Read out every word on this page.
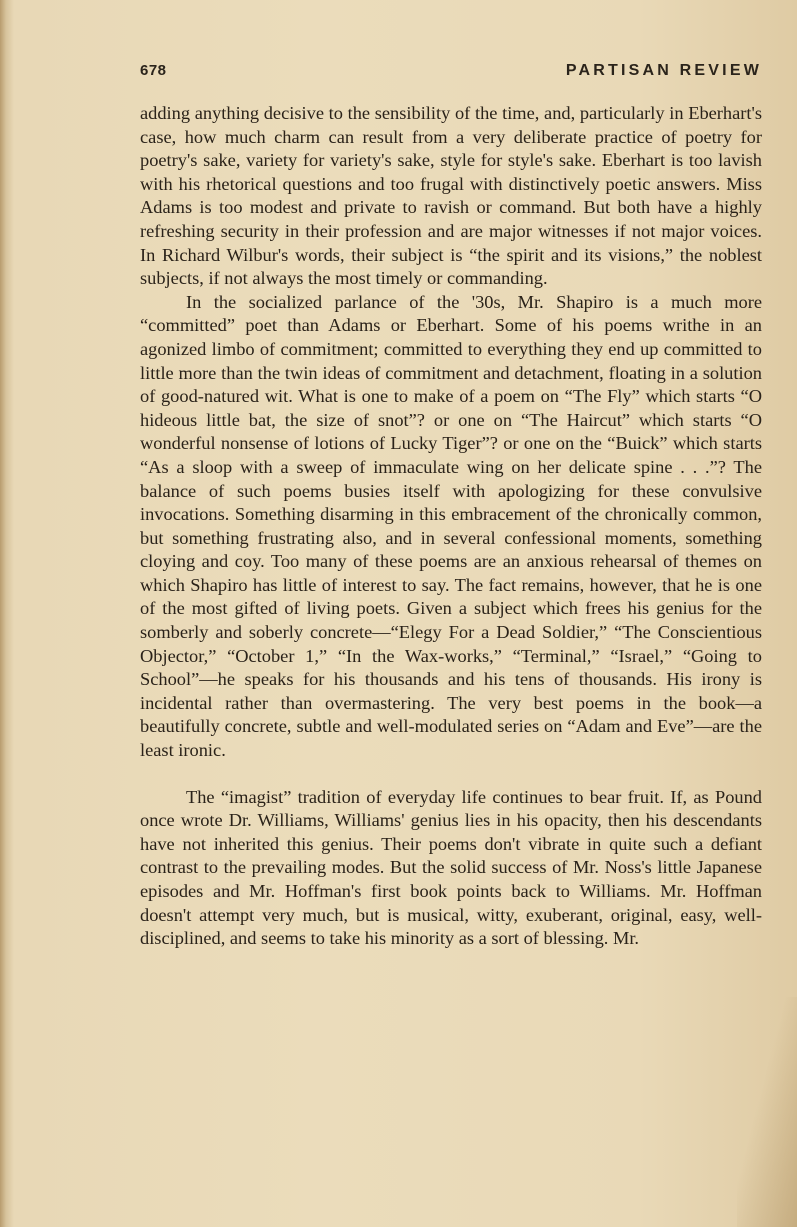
678	PARTISAN REVIEW

adding anything decisive to the sensibility of the time, and, particularly in Eberhart's case, how much charm can result from a very deliberate practice of poetry for poetry's sake, variety for variety's sake, style for style's sake. Eberhart is too lavish with his rhetorical questions and too frugal with distinctively poetic answers. Miss Adams is too modest and private to ravish or command. But both have a highly refreshing security in their profession and are major witnesses if not major voices. In Richard Wilbur's words, their subject is “the spirit and its visions,” the noblest subjects, if not always the most timely or commanding.

In the socialized parlance of the '30s, Mr. Shapiro is a much more “committed” poet than Adams or Eberhart. Some of his poems writhe in an agonized limbo of commitment; committed to everything they end up committed to little more than the twin ideas of commitment and detachment, floating in a solution of good-natured wit. What is one to make of a poem on “The Fly” which starts “O hideous little bat, the size of snot”? or one on “The Haircut” which starts “O wonderful nonsense of lotions of Lucky Tiger”? or one on the “Buick” which starts “As a sloop with a sweep of immaculate wing on her delicate spine . . .”? The balance of such poems busies itself with apologizing for these convulsive invocations. Something disarming in this embracement of the chronically common, but something frustrating also, and in several confessional moments, something cloying and coy. Too many of these poems are an anxious rehearsal of themes on which Shapiro has little of interest to say. The fact remains, however, that he is one of the most gifted of living poets. Given a subject which frees his genius for the somberly and soberly concrete—“Elegy For a Dead Soldier,” “The Conscientious Objector,” “October 1,” “In the Wax-works,” “Terminal,” “Israel,” “Going to School”—he speaks for his thousands and his tens of thousands. His irony is incidental rather than overmastering. The very best poems in the book—a beautifully concrete, subtle and well-modulated series on “Adam and Eve”—are the least ironic.

The “imagist” tradition of everyday life continues to bear fruit. If, as Pound once wrote Dr. Williams, Williams' genius lies in his opacity, then his descendants have not inherited this genius. Their poems don't vibrate in quite such a defiant contrast to the prevailing modes. But the solid success of Mr. Noss's little Japanese episodes and Mr. Hoffman's first book points back to Williams. Mr. Hoffman doesn't attempt very much, but is musical, witty, exuberant, original, easy, well-disciplined, and seems to take his minority as a sort of blessing. Mr.
